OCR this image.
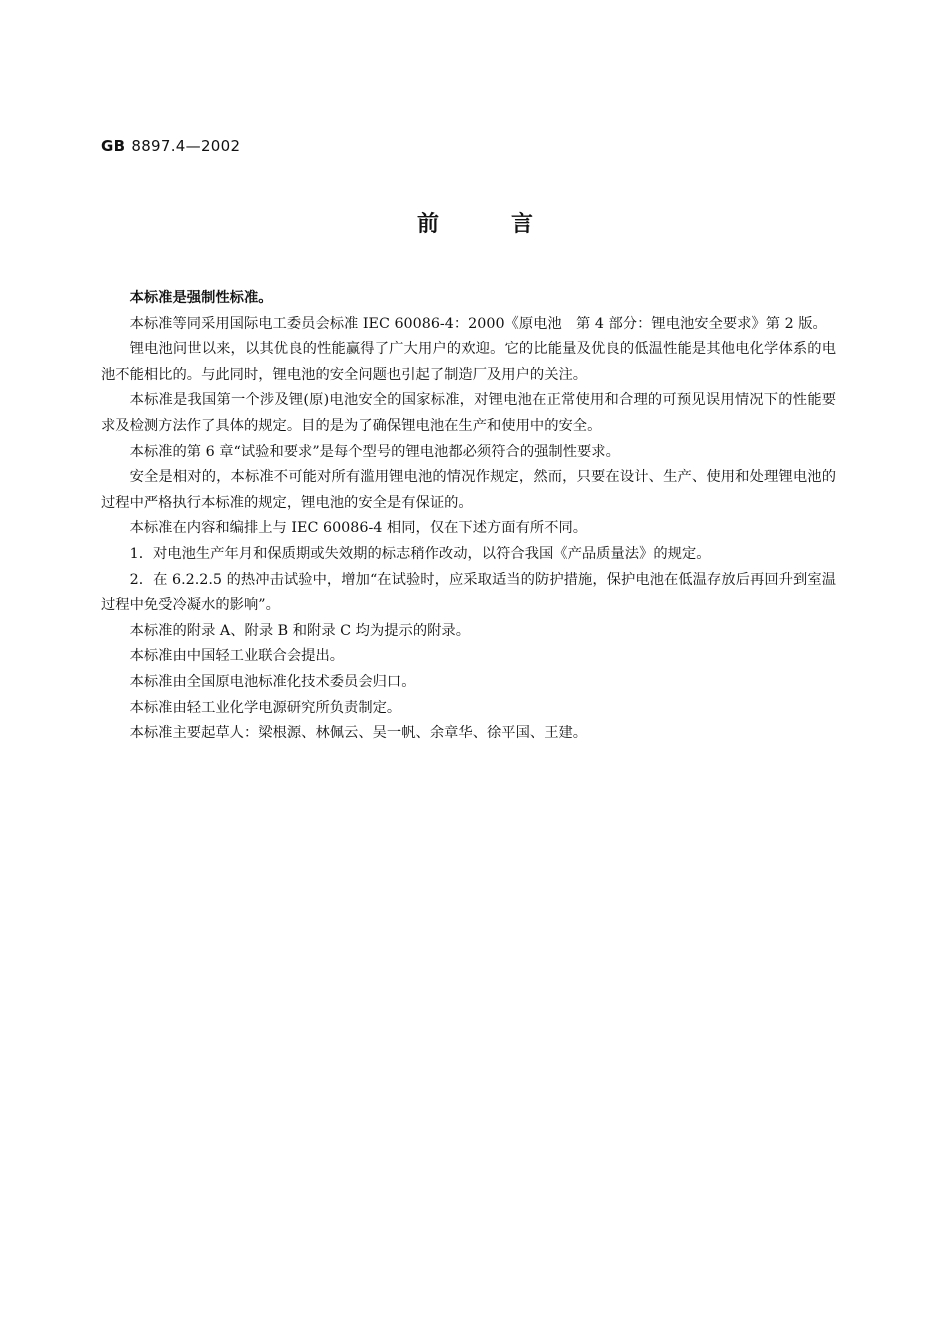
GB 8897.4—2002
前言

本标准是强制性标准。

本标准等同采用国际电工委员会标准 IEC 60086-4：2000《原电池　第 4 部分：锂电池安全要求》第 2 版。

锂电池问世以来，以其优良的性能赢得了广大用户的欢迎。它的比能量及优良的低温性能是其他电化学体系的电池不能相比的。与此同时，锂电池的安全问题也引起了制造厂及用户的关注。

本标准是我国第一个涉及锂(原)电池安全的国家标准，对锂电池在正常使用和合理的可预见误用情况下的性能要求及检测方法作了具体的规定。目的是为了确保锂电池在生产和使用中的安全。

本标准的第 6 章“试验和要求”是每个型号的锂电池都必须符合的强制性要求。

安全是相对的，本标准不可能对所有滥用锂电池的情况作规定，然而，只要在设计、生产、使用和处理锂电池的过程中严格执行本标准的规定，锂电池的安全是有保证的。

本标准在内容和编排上与 IEC 60086-4 相同，仅在下述方面有所不同。

1．对电池生产年月和保质期或失效期的标志稍作改动，以符合我国《产品质量法》的规定。

2．在 6.2.2.5 的热冲击试验中，增加“在试验时，应采取适当的防护措施，保护电池在低温存放后再回升到室温过程中免受冷凝水的影响”。

本标准的附录 A、附录 B 和附录 C 均为提示的附录。

本标准由中国轻工业联合会提出。

本标准由全国原电池标准化技术委员会归口。

本标准由轻工业化学电源研究所负责制定。

本标准主要起草人：梁根源、林佩云、吴一帆、余章华、徐平国、王建。
